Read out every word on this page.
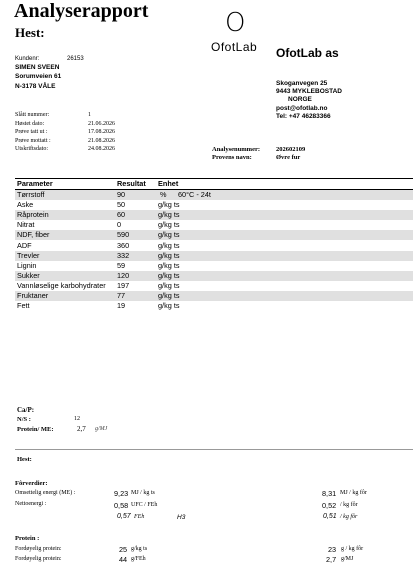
Analyserapport
Hest:	O
OfotLab OfotLab as
Kundenr:	26153
SIMEN SVEEN
Sorumveien 61
N-3178 VÅLE	Skoganvegen 25
9443 MYKLEBOSTAD
NORGE
post@ofotlab.no
Tel: +47 46283366
Slått nummer:	1
Høstet dato:	21.06.2026
Prøve tatt ut :	17.08.2026
Prøve mottatt :	21.08.2026
Utskriftsdato:	24.08.2026	Analysenummer: 202602109
Provens navn:	Øvre fur
Parameter	Resultat Enhet
Tørrstoff	90	% 60°C - 24t
Aske	50	g/kg ts
Råprotein	60	g/kg ts
Nitrat	0	g/kg ts
NDF, fiber	590	g/kg ts
ADF	360	g/kg ts
Trevler	332	g/kg ts
Lignin	59	g/kg ts
Sukker	120	g/kg ts
Vannløselige karbohydrater 197	g/kg ts
Fruktaner	77	g/kg ts
Fett	19	g/kg ts
Ca/P:
N/S :	12
Protein/ ME:	2,7 g/MJ
Hest:
Fôrverdier:
Omsettelig energi (ME) :	9,23 MJ / kg ts	8,31 MJ / kg fôr
Nettoenergi :	0,58 UFC / FEh	0,52 / kg fôr
0,57 FEh	H3	0,51 / kg fôr
Protein :
Fordøyelig protein:	25 g/kg ts	23 g / kg fôr
Fordøyelig protein:	44 g/FEh	2,7 g/MJ
